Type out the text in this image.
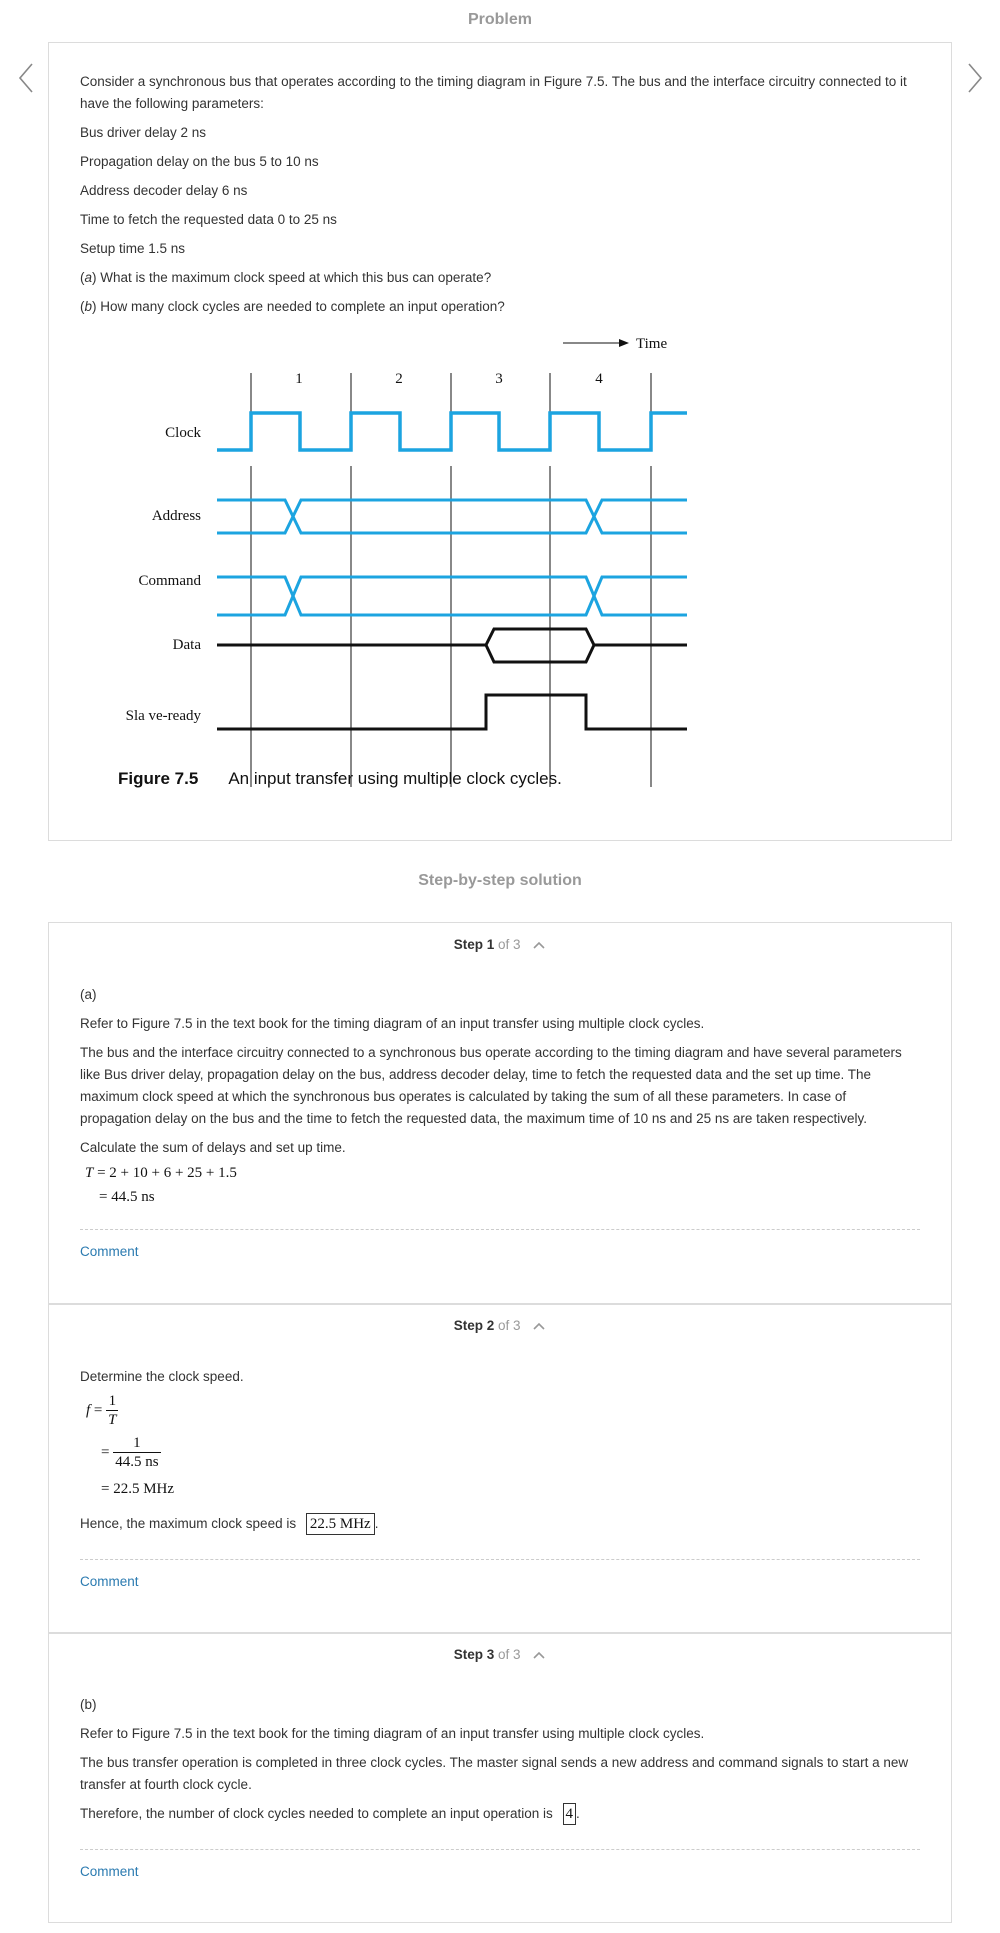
Problem
Consider a synchronous bus that operates according to the timing diagram in Figure 7.5. The bus and the interface circuitry connected to it have the following parameters:
Bus driver delay 2 ns
Propagation delay on the bus 5 to 10 ns
Address decoder delay 6 ns
Time to fetch the requested data 0 to 25 ns
Setup time 1.5 ns
(a) What is the maximum clock speed at which this bus can operate?
(b) How many clock cycles are needed to complete an input operation?
Time
1	2	3	4
Clock
Address
Command
Data
Sla ve-ready
Figure 7.5 An input transfer using multiple clock cycles.
Step-by-step solution
Step 1 of 3
(a)
Refer to Figure 7.5 in the text book for the timing diagram of an input transfer using multiple clock cycles.
The bus and the interface circuitry connected to a synchronous bus operate according to the timing diagram and have several parameters like Bus driver delay, propagation delay on the bus, address decoder delay, time to fetch the requested data and the set up time. The maximum clock speed at which the synchronous bus operates is calculated by taking the sum of all these parameters. In case of propagation delay on the bus and the time to fetch the requested data, the maximum time of 10 ns and 25 ns are taken respectively.
Calculate the sum of delays and set up time.
T = 2 + 10 + 6 + 25 + 1.5
= 44.5 ns
Comment
Step 2 of 3
Determine the clock speed.
$f = \frac{1}{T}$
= $\frac{1}{44.5 ns}$
= 22.5 MHz
Hence, the maximum clock speed is 22.5 MHz .
Comment
Step 3 of 3
(b)
Refer to Figure 7.5 in the text book for the timing diagram of an input transfer using multiple clock cycles.
The bus transfer operation is completed in three clock cycles. The master signal sends a new address and command signals to start a new transfer at fourth clock cycle.
Therefore, the number of clock cycles needed to complete an input operation is 4 .
Comment
